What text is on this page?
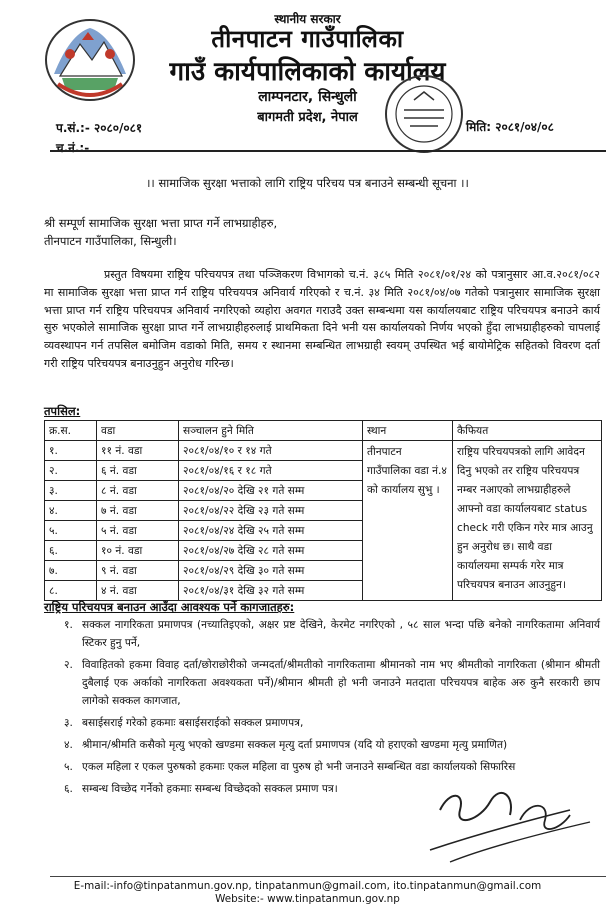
स्थानीय सरकार
तीनपाटन गाउँपालिका
गाउँ कार्यपालिकाको कार्यालय
लाम्पनटार, सिन्धुली
बागमती प्रदेश, नेपाल
प.सं.:- २०८०/०८१
च.नं.:-
मिति: २०८१/०४/०८
।। सामाजिक सुरक्षा भत्ताको लागि राष्ट्रिय परिचय पत्र बनाउने सम्बन्धी सूचना ।।
श्री सम्पूर्ण सामाजिक सुरक्षा भत्ता प्राप्त गर्ने लाभग्राहीहरु,
तीनपाटन गाउँपालिका, सिन्धुली।
प्रस्तुत विषयमा राष्ट्रिय परिचयपत्र तथा पञ्जिकरण विभागको च.नं. ३८५ मिति २०८१/०१/२४ को पत्रानुसार आ.व.२०८१/०८२ मा सामाजिक सुरक्षा भत्ता प्राप्त गर्न राष्ट्रिय परिचयपत्र अनिवार्य गरिएको र च.नं. ३४ मिति २०८१/०४/०७ गतेको पत्रानुसार सामाजिक सुरक्षा भत्ता प्राप्त गर्न राष्ट्रिय परिचयपत्र अनिवार्य नगरिएको व्यहोरा अवगत गराउदै उक्त सम्बन्धमा यस कार्यालयबाट राष्ट्रिय परिचयपत्र बनाउने कार्य सुरु भएकोले सामाजिक सुरक्षा प्राप्त गर्ने लाभग्राहीहरुलाई प्राथमिकता दिने भनी यस कार्यालयको निर्णय भएको हुँदा लाभग्राहीहरुको चापलाई व्यवस्थापन गर्न तपसिल बमोजिम वडाको मिति, समय र स्थानमा सम्बन्धित लाभग्राही स्वयम् उपस्थित भई बायोमेट्रिक सहितको विवरण दर्ता गरी राष्ट्रिय परिचयपत्र बनाउनुहुन अनुरोध गरिन्छ।
तपसिल:
क्र.स.	वडा	सञ्चालन हुने मिति	स्थान	कैफियत
१.	११ नं. वडा	२०८१/०४/१० र १४ गते	तीनपाटन गाउँपालिका वडा नं.४ को कार्यालय सुभु ।	राष्ट्रिय परिचयपत्रको लागि आवेदन दिनु भएको तर राष्ट्रिय परिचयपत्र नम्बर नआएको लाभग्राहीहरुले आफ्नो वडा कार्यालयबाट status check गरी एकिन गरेर मात्र आउनु हुन अनुरोध छ। साथै वडा कार्यालयमा सम्पर्क गरेर मात्र परिचयपत्र बनाउन आउनुहुन।
२.	६ नं. वडा	२०८१/०४/१६ र १८ गते		
३.	८ नं. वडा	२०८१/०४/२० देखि २१ गते सम्म		
४.	७ नं. वडा	२०८१/०४/२२ देखि २३ गते सम्म		
५.	५ नं. वडा	२०८१/०४/२४ देखि २५ गते सम्म		
६.	१० नं. वडा	२०८१/०४/२७ देखि २८ गते सम्म		
७.	९ नं. वडा	२०८१/०४/२९ देखि ३० गते सम्म		
८.	४ नं. वडा	२०८१/०४/३१ देखि ३२ गते सम्म		
राष्ट्रिय परिचयपत्र बनाउन आउँदा आवश्यक पर्ने कागजातहरु:
१. सक्कल नागरिकता प्रमाणपत्र (नच्यातिइएको, अक्षर प्रष्ट देखिने, केरमेट नगरिएको , ५८ साल भन्दा पछि बनेको नागरिकतामा अनिवार्य स्टिकर हुनु पर्ने,
२. विवाहितको हकमा विवाह दर्ता/छोराछोरीको जन्मदर्ता/श्रीमतीको नागरिकतामा श्रीमानको नाम भए श्रीमतीको नागरिकता (श्रीमान श्रीमती दुबैलाई एक अर्काको नागरिकता अवश्यकता पर्ने)/श्रीमान श्रीमती हो भनी जनाउने मतदाता परिचयपत्र बाहेक अरु कुनै सरकारी छाप लागेको सक्कल कागजात,
३. बसाईसराई गरेको हकमाः बसाईसराईको सक्कल प्रमाणपत्र,
४. श्रीमान/श्रीमति कसैको मृत्यु भएको खण्डमा सक्कल मृत्यु दर्ता प्रमाणपत्र (यदि यो हराएको खण्डमा मृत्यु प्रमाणित)
५. एकल महिला र एकल पुरुषको हकमाः एकल महिला वा पुरुष हो भनी जनाउने सम्बन्धित वडा कार्यालयको सिफारिस
६. सम्बन्ध विच्छेद गर्नेको हकमाः सम्बन्ध विच्छेदको सक्कल प्रमाण पत्र।
E-mail:-info@tinpatanmun.gov.np, tinpatanmun@gmail.com, ito.tinpatanmun@gmail.com
Website:- www.tinpatanmun.gov.np
